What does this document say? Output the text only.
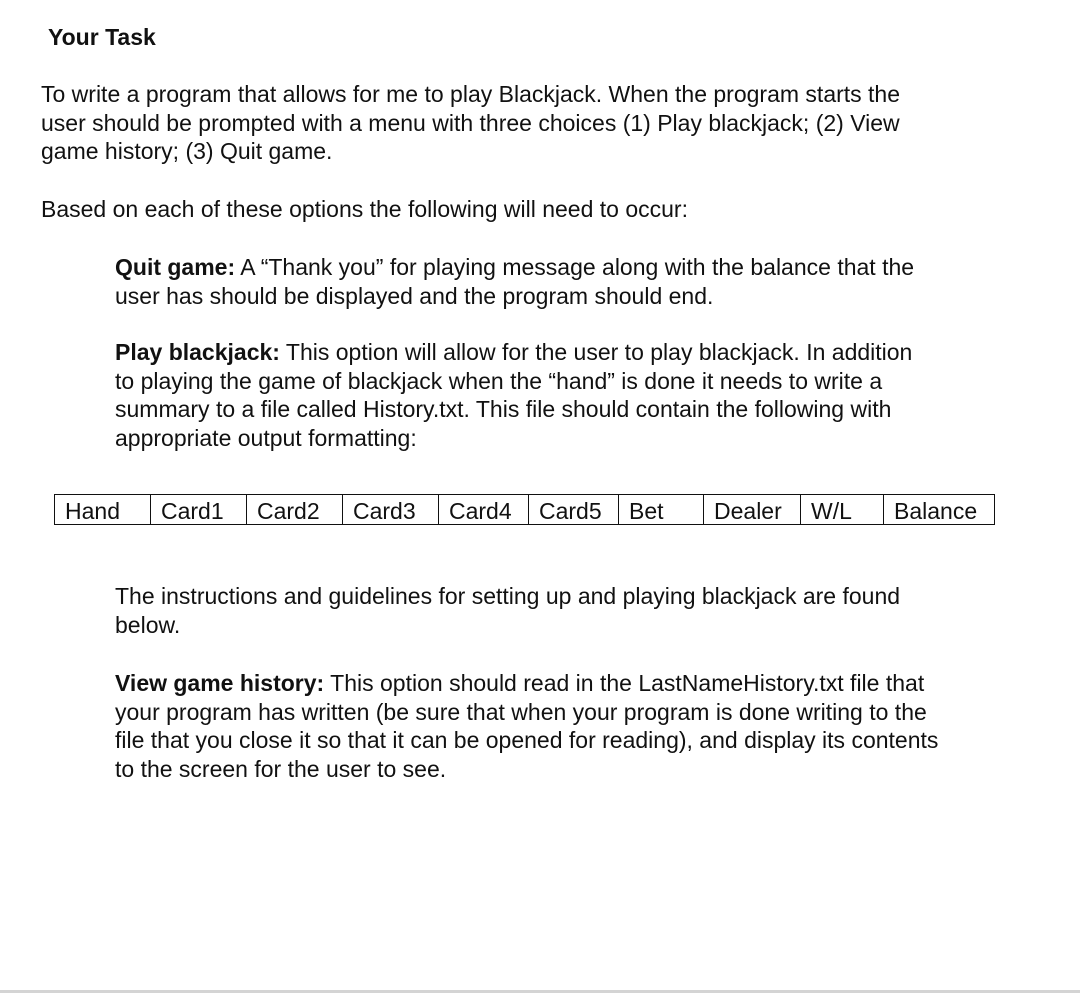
Your Task

To write a program that allows for me to play Blackjack. When the program starts the
user should be prompted with a menu with three choices (1) Play blackjack; (2) View
game history; (3) Quit game.

Based on each of these options the following will need to occur:

Quit game: A “Thank you” for playing message along with the balance that the
user has should be displayed and the program should end.

Play blackjack: This option will allow for the user to play blackjack. In addition
to playing the game of blackjack when the “hand” is done it needs to write a
summary to a file called History.txt. This file should contain the following with
appropriate output formatting:

Hand	Card1	Card2	Card3	Card4	Card5	Bet	Dealer	W/L	Balance

The instructions and guidelines for setting up and playing blackjack are found
below.

View game history: This option should read in the LastNameHistory.txt file that
your program has written (be sure that when your program is done writing to the
file that you close it so that it can be opened for reading), and display its contents
to the screen for the user to see.
